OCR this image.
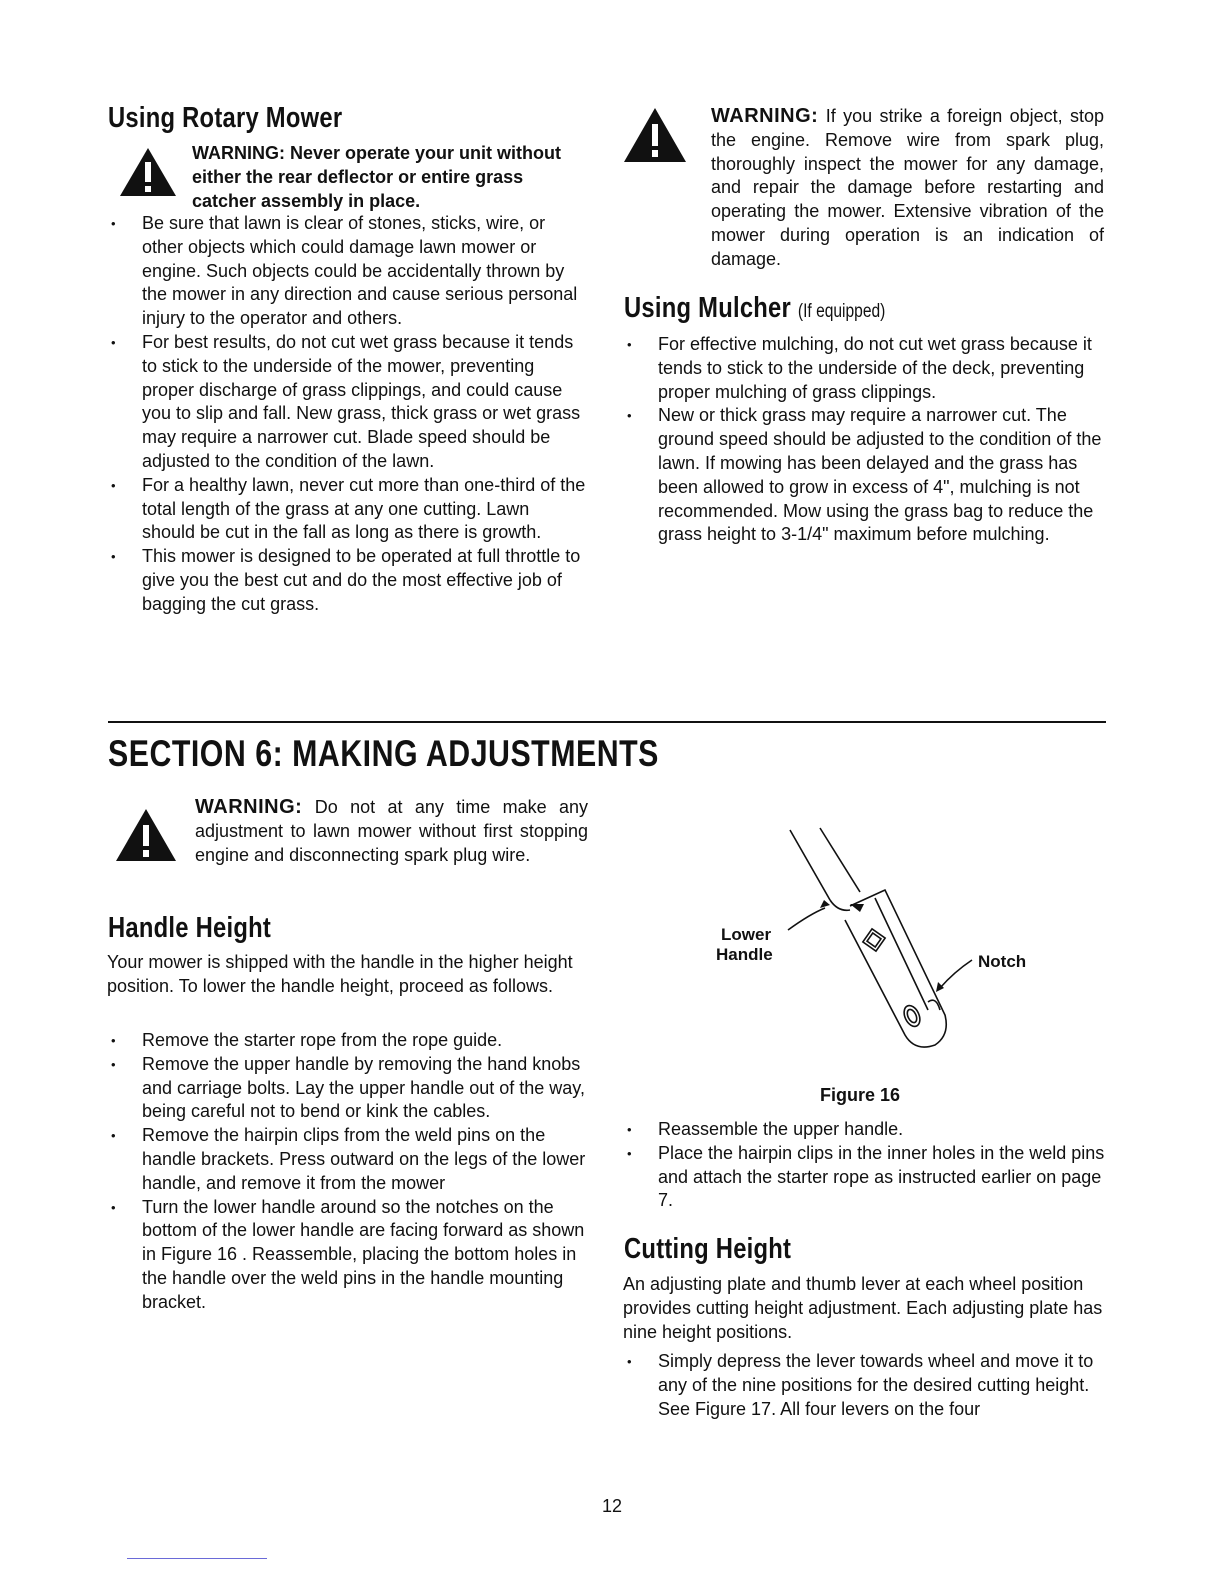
Using Rotary Mower
WARNING: Never operate your unit without either the rear deflector or entire grass catcher assembly in place.
• Be sure that lawn is clear of stones, sticks, wire, or other objects which could damage lawn mower or engine. Such objects could be accidentally thrown by the mower in any direction and cause serious personal injury to the operator and others.
• For best results, do not cut wet grass because it tends to stick to the underside of the mower, preventing proper discharge of grass clippings, and could cause you to slip and fall. New grass, thick grass or wet grass may require a narrower cut. Blade speed should be adjusted to the condition of the lawn.
• For a healthy lawn, never cut more than one-third of the total length of the grass at any one cutting. Lawn should be cut in the fall as long as there is growth.
• This mower is designed to be operated at full throttle to give you the best cut and do the most effective job of bagging the cut grass.
WARNING: If you strike a foreign object, stop the engine. Remove wire from spark plug, thoroughly inspect the mower for any damage, and repair the damage before restarting and operating the mower. Extensive vibration of the mower during operation is an indication of damage.
Using Mulcher (If equipped)
• For effective mulching, do not cut wet grass because it tends to stick to the underside of the deck, preventing proper mulching of grass clippings.
• New or thick grass may require a narrower cut. The ground speed should be adjusted to the condition of the lawn. If mowing has been delayed and the grass has been allowed to grow in excess of 4", mulching is not recommended. Mow using the grass bag to reduce the grass height to 3-1/4" maximum before mulching.
SECTION 6: MAKING ADJUSTMENTS
WARNING: Do not at any time make any adjustment to lawn mower without first stopping engine and disconnecting spark plug wire.
Handle Height
Your mower is shipped with the handle in the higher height position. To lower the handle height, proceed as follows.
• Remove the starter rope from the rope guide.
• Remove the upper handle by removing the hand knobs and carriage bolts. Lay the upper handle out of the way, being careful not to bend or kink the cables.
• Remove the hairpin clips from the weld pins on the handle brackets. Press outward on the legs of the lower handle, and remove it from the mower
• Turn the lower handle around so the notches on the bottom of the lower handle are facing forward as shown in Figure 16 . Reassemble, placing the bottom holes in the handle over the weld pins in the handle mounting bracket.
Lower
Handle	Notch
Figure 16
• Reassemble the upper handle.
• Place the hairpin clips in the inner holes in the weld pins and attach the starter rope as instructed earlier on page 7.
Cutting Height
An adjusting plate and thumb lever at each wheel position provides cutting height adjustment. Each adjusting plate has nine height positions.
• Simply depress the lever towards wheel and move it to any of the nine positions for the desired cutting height. See Figure 17. All four levers on the four
12
